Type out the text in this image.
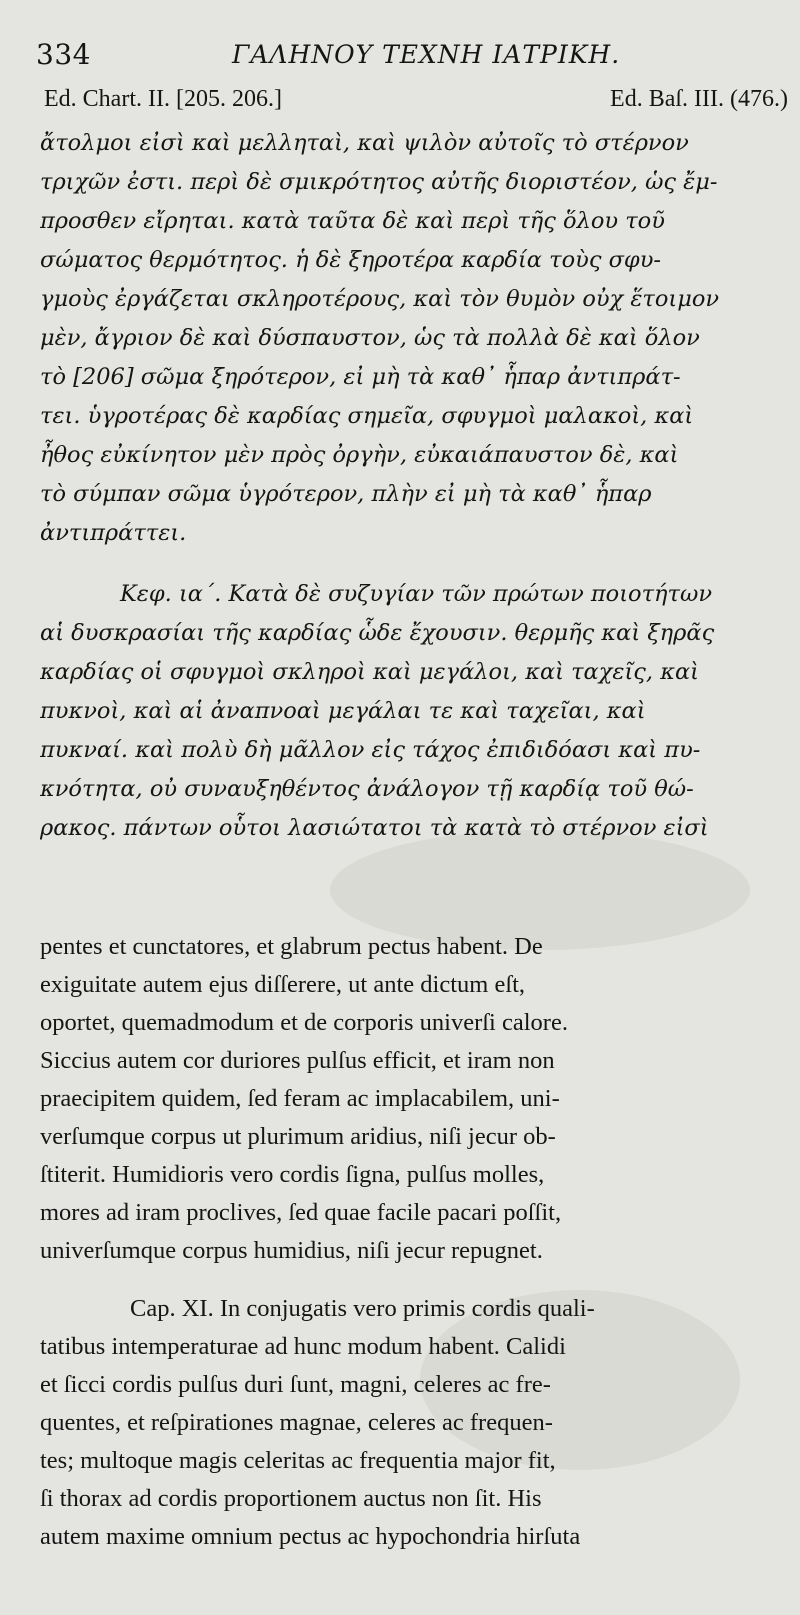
334	ΓΑΛΗΝΟΥ ΤΕΧΝΗ ΙΑΤΡΙΚΗ.
Ed. Chart. II. [205. 206.]	Ed. Baſ. III. (476.)
ἄτολμοι εἰσὶ καὶ μελληταὶ, καὶ ψιλὸν αὐτοῖς τὸ στέρνον
τριχῶν ἐστι. περὶ δὲ σμικρότητος αὐτῆς διοριστέον, ὡς ἔμ-
προσθεν εἴρηται. κατὰ ταῦτα δὲ καὶ περὶ τῆς ὅλου τοῦ
σώματος θερμότητος. ἡ δὲ ξηροτέρα καρδία τοὺς σφυ-
γμοὺς ἐργάζεται σκληροτέρους, καὶ τὸν θυμὸν οὐχ ἕτοιμον
μὲν, ἄγριον δὲ καὶ δύσπαυστον, ὡς τὰ πολλὰ δὲ καὶ ὅλον
τὸ [206] σῶμα ξηρότερον, εἰ μὴ τὰ καθ᾽ ἧπαρ ἀντιπράτ-
τει. ὑγροτέρας δὲ καρδίας σημεῖα, σφυγμοὶ μαλακοὶ, καὶ
ἦθος εὐκίνητον μὲν πρὸς ὀργὴν, εὐκαιάπαυστον δὲ, καὶ
τὸ σύμπαν σῶμα ὑγρότερον, πλὴν εἰ μὴ τὰ καθ᾽ ἧπαρ
ἀντιπράττει.
Κεφ. ια΄. Κατὰ δὲ συζυγίαν τῶν πρώτων ποιοτήτων
αἱ δυσκρασίαι τῆς καρδίας ὧδε ἔχουσιν. θερμῆς καὶ ξηρᾶς
καρδίας οἱ σφυγμοὶ σκληροὶ καὶ μεγάλοι, καὶ ταχεῖς, καὶ
πυκνοὶ, καὶ αἱ ἀναπνοαὶ μεγάλαι τε καὶ ταχεῖαι, καὶ
πυκναί. καὶ πολὺ δὴ μᾶλλον εἰς τάχος ἐπιδιδόασι καὶ πυ-
κνότητα, οὐ συναυξηθέντος ἀνάλογον τῇ καρδίᾳ τοῦ θώ-
ρακος. πάντων οὗτοι λασιώτατοι τὰ κατὰ τὸ στέρνον εἰσὶ
pentes et cunctatores, et glabrum pectus habent. De
exiguitate autem ejus diſſerere, ut ante dictum eſt,
oportet, quemadmodum et de corporis univerſi calore.
Siccius autem cor duriores pulſus efficit, et iram non
praecipitem quidem, ſed feram ac implacabilem, uni-
verſumque corpus ut plurimum aridius, niſi jecur ob-
ſtiterit. Humidioris vero cordis ſigna, pulſus molles,
mores ad iram proclives, ſed quae facile pacari poſſit,
univerſumque corpus humidius, niſi jecur repugnet.
Cap. XI. In conjugatis vero primis cordis quali-
tatibus intemperaturae ad hunc modum habent. Calidi
et ſicci cordis pulſus duri ſunt, magni, celeres ac fre-
quentes, et reſpirationes magnae, celeres ac frequen-
tes; multoque magis celeritas ac frequentia major fit,
ſi thorax ad cordis proportionem auctus non ſit. His
autem maxime omnium pectus ac hypochondria hirſuta
